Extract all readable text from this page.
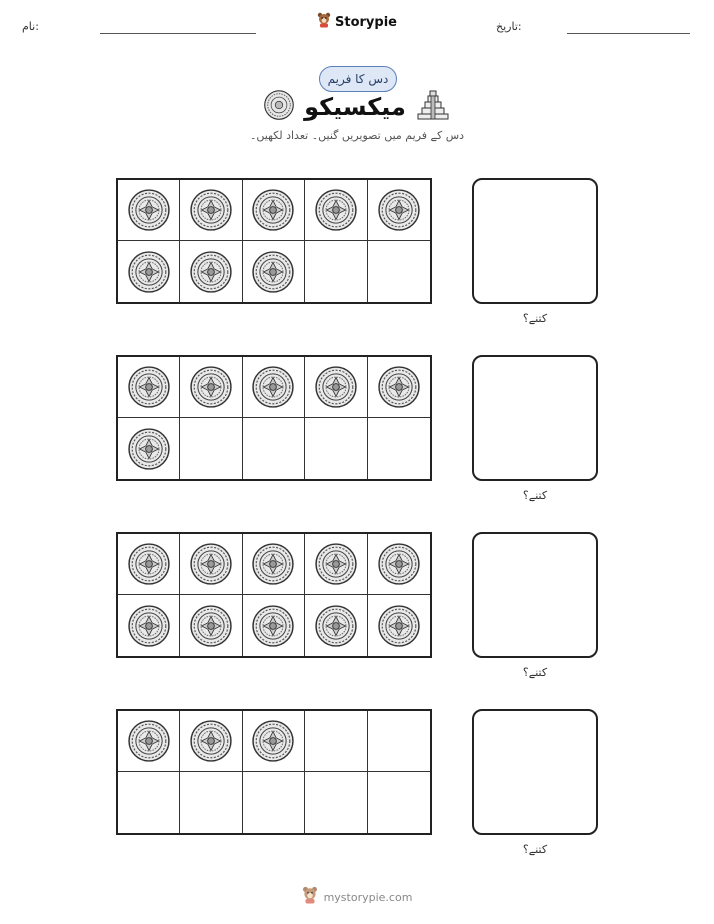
نام:	Storypie	تاریخ:
دس کا فریم
میکسیکو
دس کے فریم میں تصویریں گنیں۔ تعداد لکھیں۔
کتنے؟
کتنے؟
کتنے؟
کتنے؟
mystorypie.com
